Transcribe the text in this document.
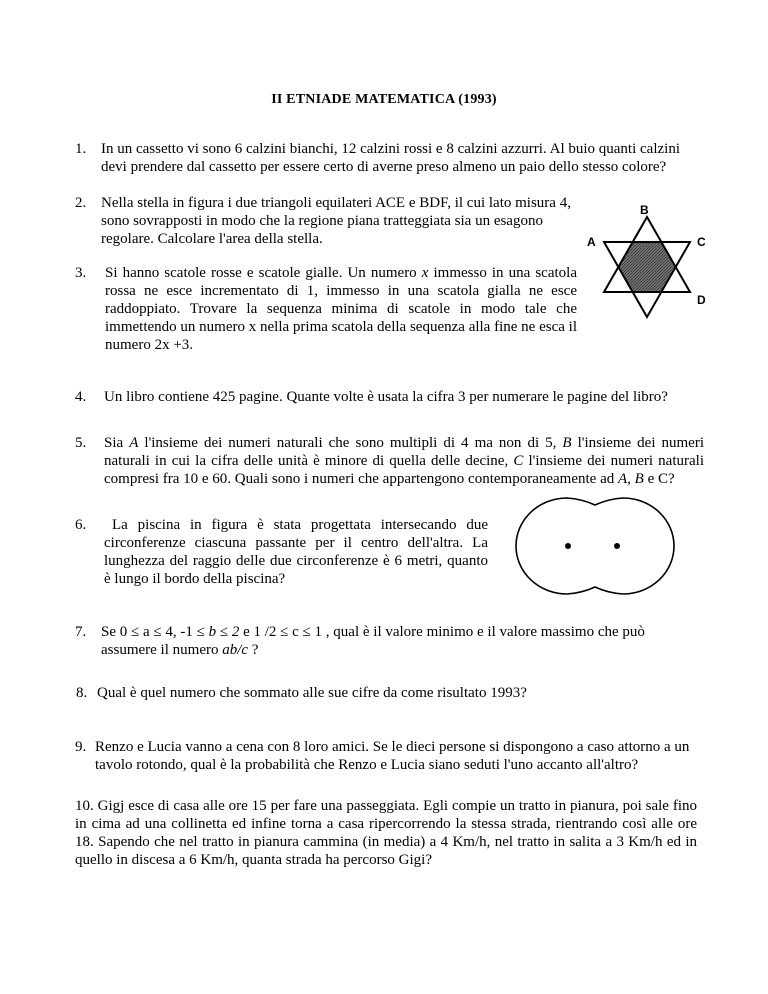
II ETNIADE MATEMATICA (1993)
1. In un cassetto vi sono 6 calzini bianchi, 12 calzini rossi e 8 calzini azzurri. Al buio quanti calzini devi prendere dal cassetto per essere certo di averne preso almeno un paio dello stesso colore?
2. Nella stella in figura i due triangoli equilateri ACE e BDF, il cui lato misura 4, sono sovrapposti in modo che la regione piana tratteggiata sia un esagono regolare. Calcolare l'area della stella.
B
A	C
D
3. Si hanno scatole rosse e scatole gialle. Un numero x immesso in una scatola rossa ne esce incrementato di 1, immesso in una scatola gialla ne esce raddoppiato. Trovare la sequenza minima di scatole in modo tale che immettendo un numero x nella prima scatola della sequenza alla fine ne esca il numero 2x +3.
4. Un libro contiene 425 pagine. Quante volte è usata la cifra 3 per numerare le pagine del libro?
5. Sia A l'insieme dei numeri naturali che sono multipli di 4 ma non di 5, B l'insieme dei numeri naturali in cui la cifra delle unità è minore di quella delle decine, C l'insieme dei numeri naturali compresi fra 10 e 60. Quali sono i numeri che appartengono contemporaneamente ad A, B e C?
6.	La piscina in figura è stata progettata intersecando due circonferenze ciascuna passante per il centro dell'altra. La lunghezza del raggio delle due circonferenze è 6 metri, quanto è lungo il bordo della piscina?
7. Se 0 ≤ a ≤ 4, -1 ≤ b ≤ 2 e 1 /2 ≤ c ≤ 1 , qual è il valore minimo e il valore massimo che può
assumere il numero ab/c ?
8. Qual è quel numero che sommato alle sue cifre da come risultato 1993?
9. Renzo e Lucia vanno a cena con 8 loro amici. Se le dieci persone si dispongono a caso attorno a un tavolo rotondo, qual è la probabilità che Renzo e Lucia siano seduti l'uno accanto all'altro?
10. Gigj esce di casa alle ore 15 per fare una passeggiata. Egli compie un tratto in pianura, poi sale fino in cima ad una collinetta ed infine torna a casa ripercorrendo la stessa strada, rientrando così alle ore 18. Sapendo che nel tratto in pianura cammina (in media) a 4 Km/h, nel tratto in salita a 3 Km/h ed in quello in discesa a 6 Km/h, quanta strada ha percorso Gigi?
